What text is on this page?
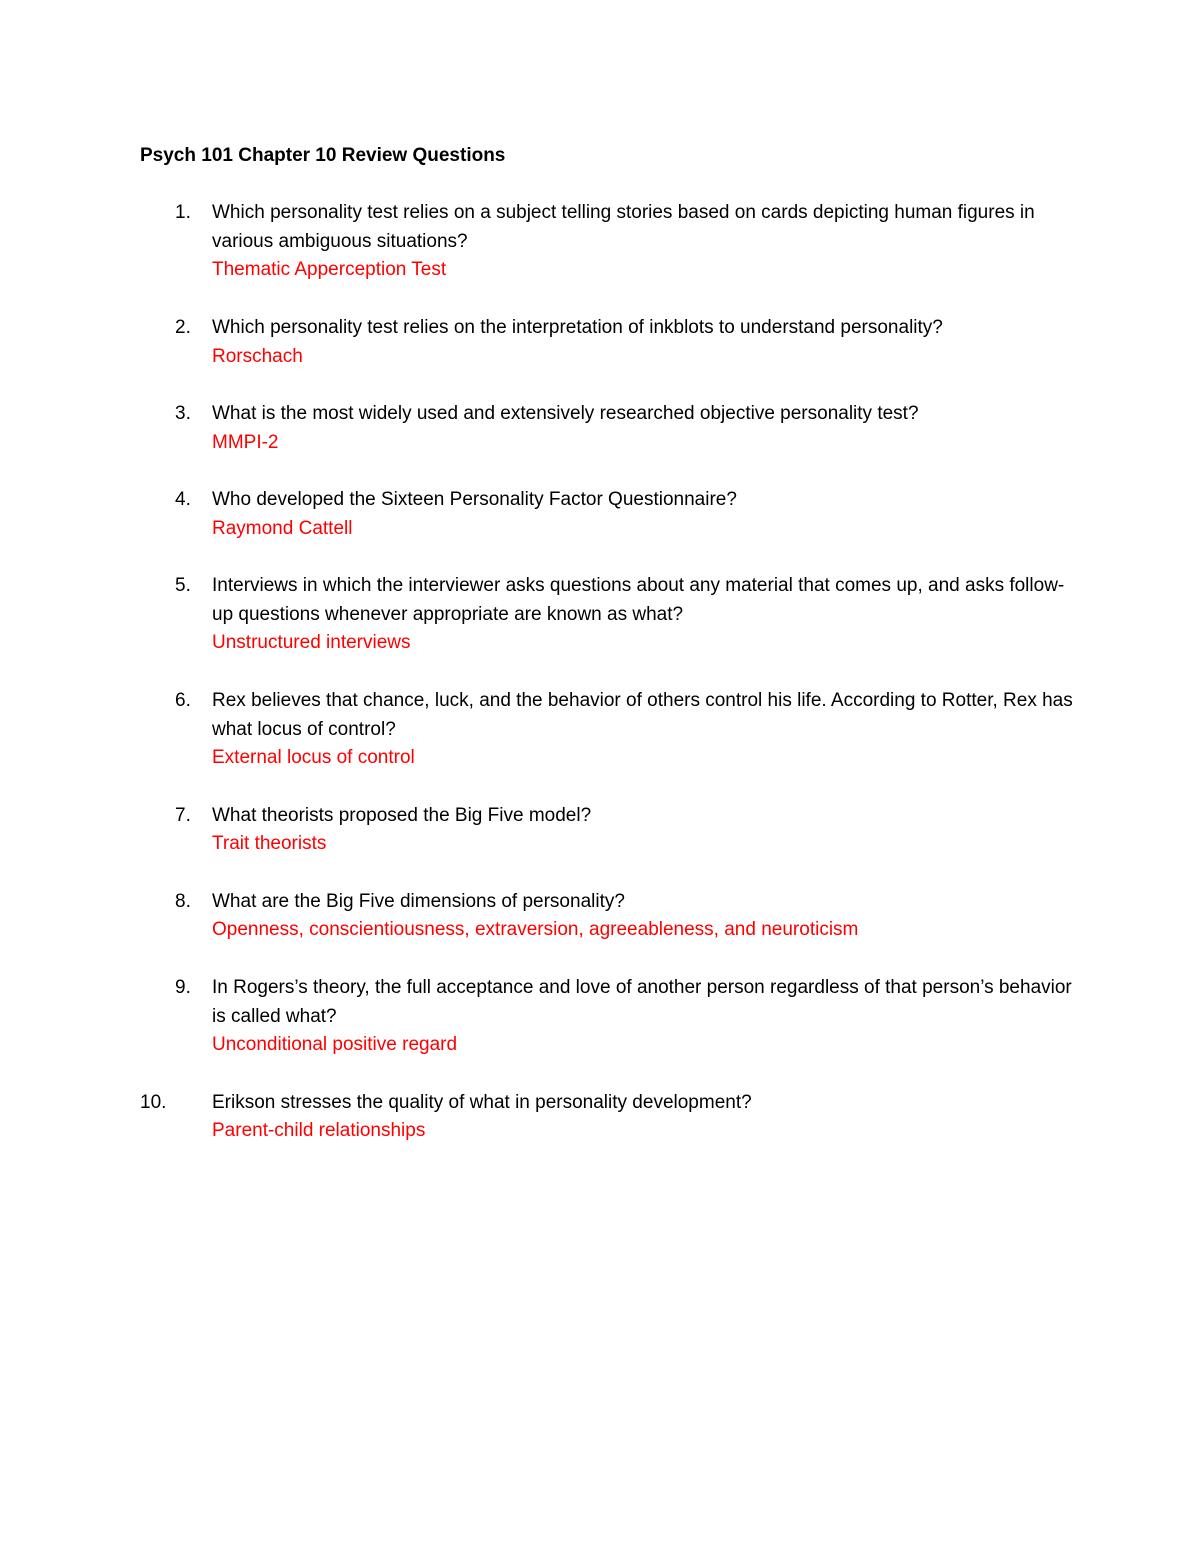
Psych 101 Chapter 10 Review Questions
1. Which personality test relies on a subject telling stories based on cards depicting human figures in various ambiguous situations?
Thematic Apperception Test
2. Which personality test relies on the interpretation of inkblots to understand personality?
Rorschach
3. What is the most widely used and extensively researched objective personality test?
MMPI-2
4. Who developed the Sixteen Personality Factor Questionnaire?
Raymond Cattell
5. Interviews in which the interviewer asks questions about any material that comes up, and asks follow-up questions whenever appropriate are known as what?
Unstructured interviews
6. Rex believes that chance, luck, and the behavior of others control his life. According to Rotter, Rex has what locus of control?
External locus of control
7. What theorists proposed the Big Five model?
Trait theorists
8. What are the Big Five dimensions of personality?
Openness, conscientiousness, extraversion, agreeableness, and neuroticism
9. In Rogers’s theory, the full acceptance and love of another person regardless of that person’s behavior is called what?
Unconditional positive regard
10. Erikson stresses the quality of what in personality development?
Parent-child relationships
